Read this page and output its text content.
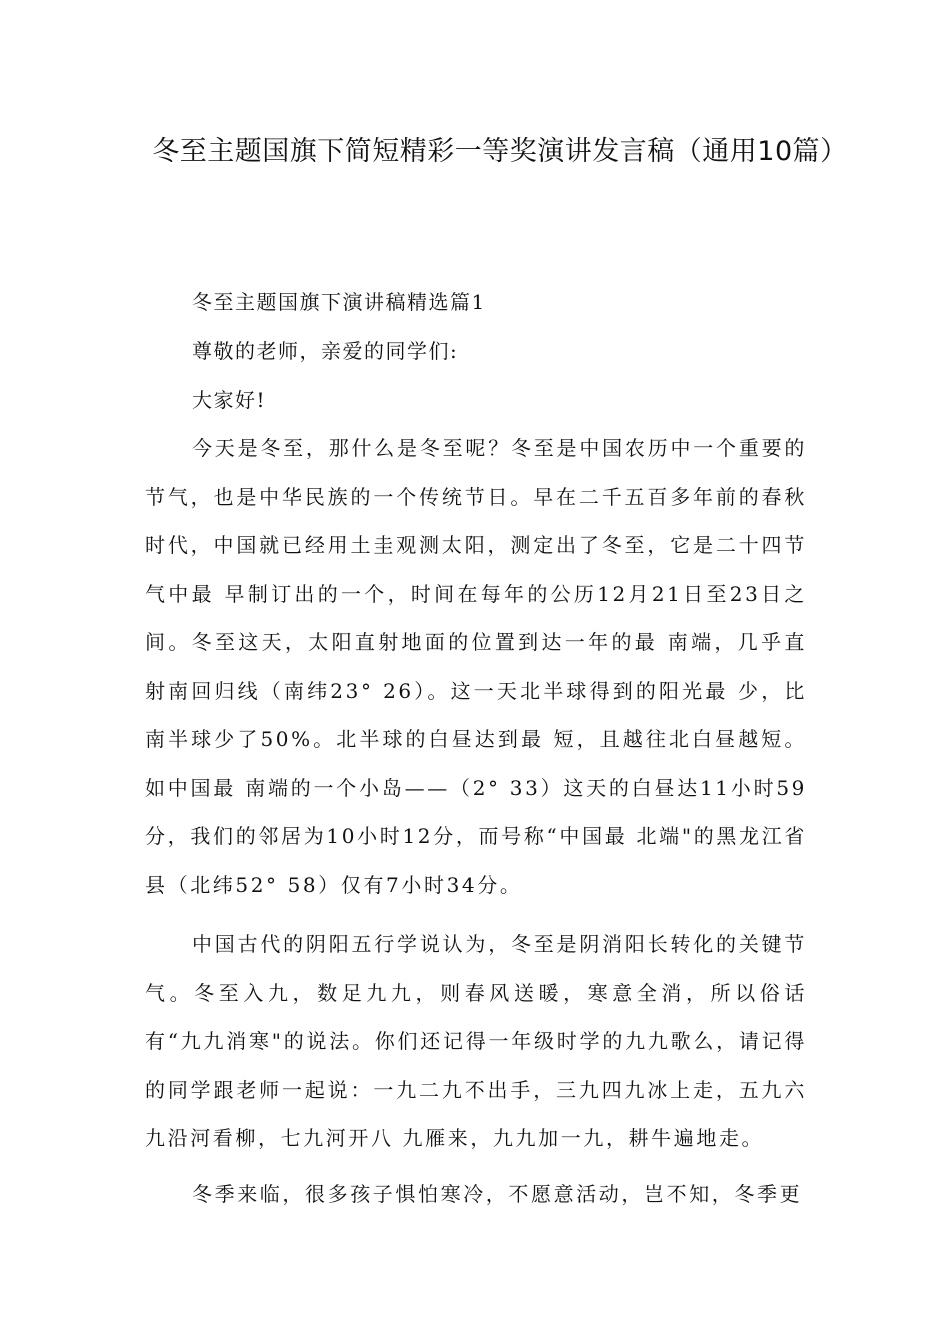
冬至主题国旗下简短精彩一等奖演讲发言稿（通用10篇）
冬至主题国旗下演讲稿精选篇1
尊敬的老师，亲爱的同学们:
大家好!

今天是冬至，那什么是冬至呢？冬至是中国农历中一个重要的节气，也是中华民族的一个传统节日。早在二千五百多年前的春秋时代，中国就已经用土圭观测太阳，测定出了冬至，它是二十四节气中最 早制订出的一个，时间在每年的公历12月21日至23日之间。冬至这天，太阳直射地面的位置到达一年的最 南端，几乎直射南回归线（南纬23° 26）。这一天北半球得到的阳光最 少，比南半球少了50%。北半球的白昼达到最 短，且越往北白昼越短。如中国最 南端的一个小岛——（2° 33）这天的白昼达11小时59分，我们的邻居为10小时12分，而号称“中国最 北端"的黑龙江省县（北纬52° 58）仅有7小时34分。

中国古代的阴阳五行学说认为，冬至是阴消阳长转化的关键节气。冬至入九，数足九九，则春风送暖，寒意全消，所以俗话有“九九消寒"的说法。你们还记得一年级时学的九九歌么，请记得的同学跟老师一起说：一九二九不出手，三九四九冰上走，五九六九沿河看柳，七九河开八 九雁来，九九加一九，耕牛遍地走。

冬季来临，很多孩子惧怕寒冷，不愿意活动，岂不知，冬季更
